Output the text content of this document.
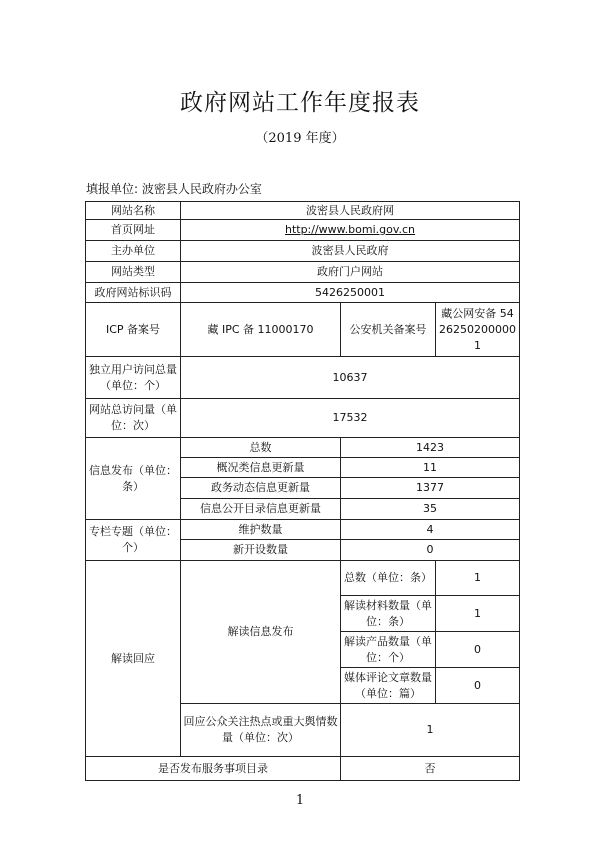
政府网站工作年度报表
（2019 年度）
填报单位: 波密县人民政府办公室
网站名称	波密县人民政府网		
首页网址	http://www.bomi.gov.cn		
主办单位	波密县人民政府		
网站类型	政府门户网站		
政府网站标识码	5426250001		
ICP 备案号	藏 IPC 备 11000170	公安机关备案号	藏公网安备 54262502000001
独立用户访问总量（单位：个）	10637		
网站总访问量（单位：次）	17532		
信息发布（单位：条）	总数	1423	
	概况类信息更新量	11	
	政务动态信息更新量	1377	
	信息公开目录信息更新量	35	
专栏专题（单位：个）	维护数量	4	
	新开设数量	0	
解读回应	解读信息发布	总数（单位：条）	1
		解读材料数量（单位：条）	1
		解读产品数量（单位：个）	0
		媒体评论文章数量（单位：篇）	0
	回应公众关注热点或重大舆情数量（单位：次）	1	
是否发布服务事项目录		否	
1
